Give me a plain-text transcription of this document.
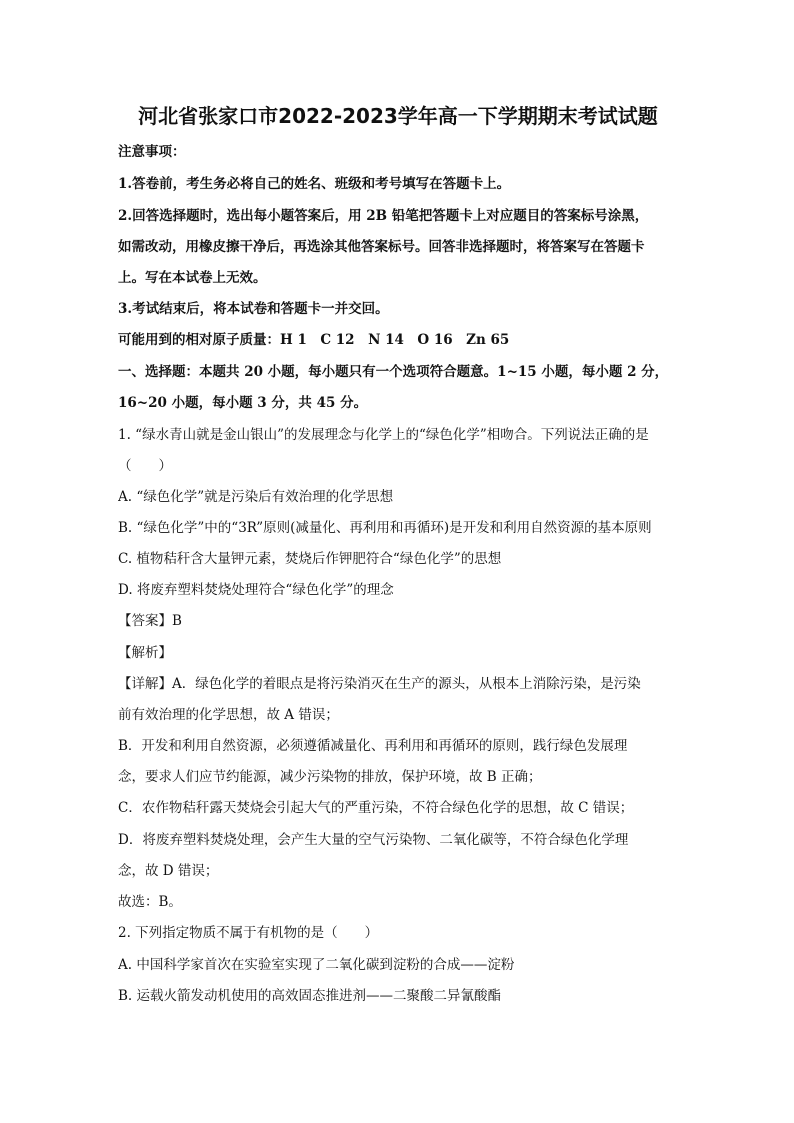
河北省张家口市2022-2023学年高一下学期期末考试试题
注意事项：
1.答卷前，考生务必将自己的姓名、班级和考号填写在答题卡上。
2.回答选择题时，选出每小题答案后，用 2B 铅笔把答题卡上对应题目的答案标号涂黑，
如需改动，用橡皮擦干净后，再选涂其他答案标号。回答非选择题时，将答案写在答题卡
上。写在本试卷上无效。
3.考试结束后，将本试卷和答题卡一并交回。
可能用到的相对原子质量：H 1　C 12　N 14　O 16　Zn 65
一、选择题：本题共 20 小题，每小题只有一个选项符合题意。1~15 小题，每小题 2 分，
16~20 小题，每小题 3 分，共 45 分。
1. “绿水青山就是金山银山”的发展理念与化学上的“绿色化学”相吻合。下列说法正确的是
（　　）
A. “绿色化学”就是污染后有效治理的化学思想
B. “绿色化学”中的“3R”原则(减量化、再利用和再循环)是开发和利用自然资源的基本原则
C. 植物秸秆含大量钾元素，焚烧后作钾肥符合“绿色化学”的思想
D. 将废弃塑料焚烧处理符合“绿色化学”的理念
【答案】B
【解析】
【详解】A．绿色化学的着眼点是将污染消灭在生产的源头，从根本上消除污染，是污染
前有效治理的化学思想，故 A 错误；
B．开发和利用自然资源，必须遵循减量化、再利用和再循环的原则，践行绿色发展理
念，要求人们应节约能源，减少污染物的排放，保护环境，故 B 正确；
C．农作物秸秆露天焚烧会引起大气的严重污染，不符合绿色化学的思想，故 C 错误；
D．将废弃塑料焚烧处理，会产生大量的空气污染物、二氧化碳等，不符合绿色化学理
念，故 D 错误；
故选：B。
2. 下列指定物质不属于有机物的是（　　）
A. 中国科学家首次在实验室实现了二氧化碳到淀粉的合成——淀粉
B. 运载火箭发动机使用的高效固态推进剂——二聚酸二异氰酸酯
